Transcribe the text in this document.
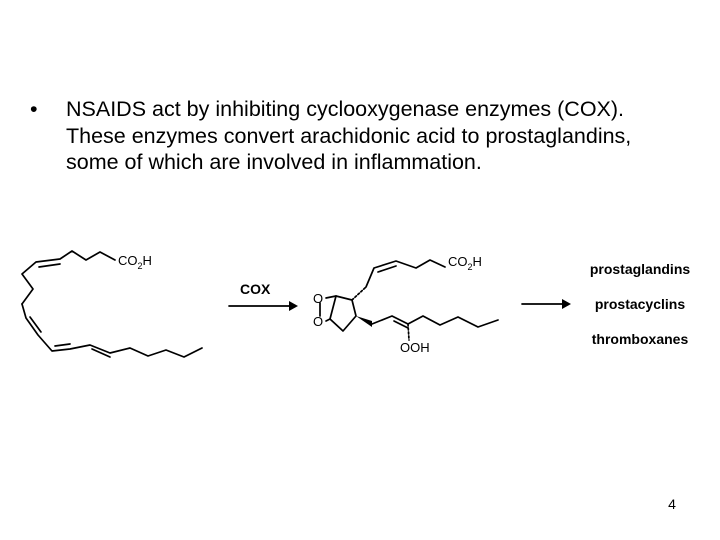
• NSAIDS act by inhibiting cyclooxygenase enzymes (COX). These enzymes convert arachidonic acid to prostaglandins, some of which are involved in inflammation.
$CO_2H$
COX
O
O
$CO_2H$
OOH
prostaglandins
prostacyclins
thromboxanes
4
